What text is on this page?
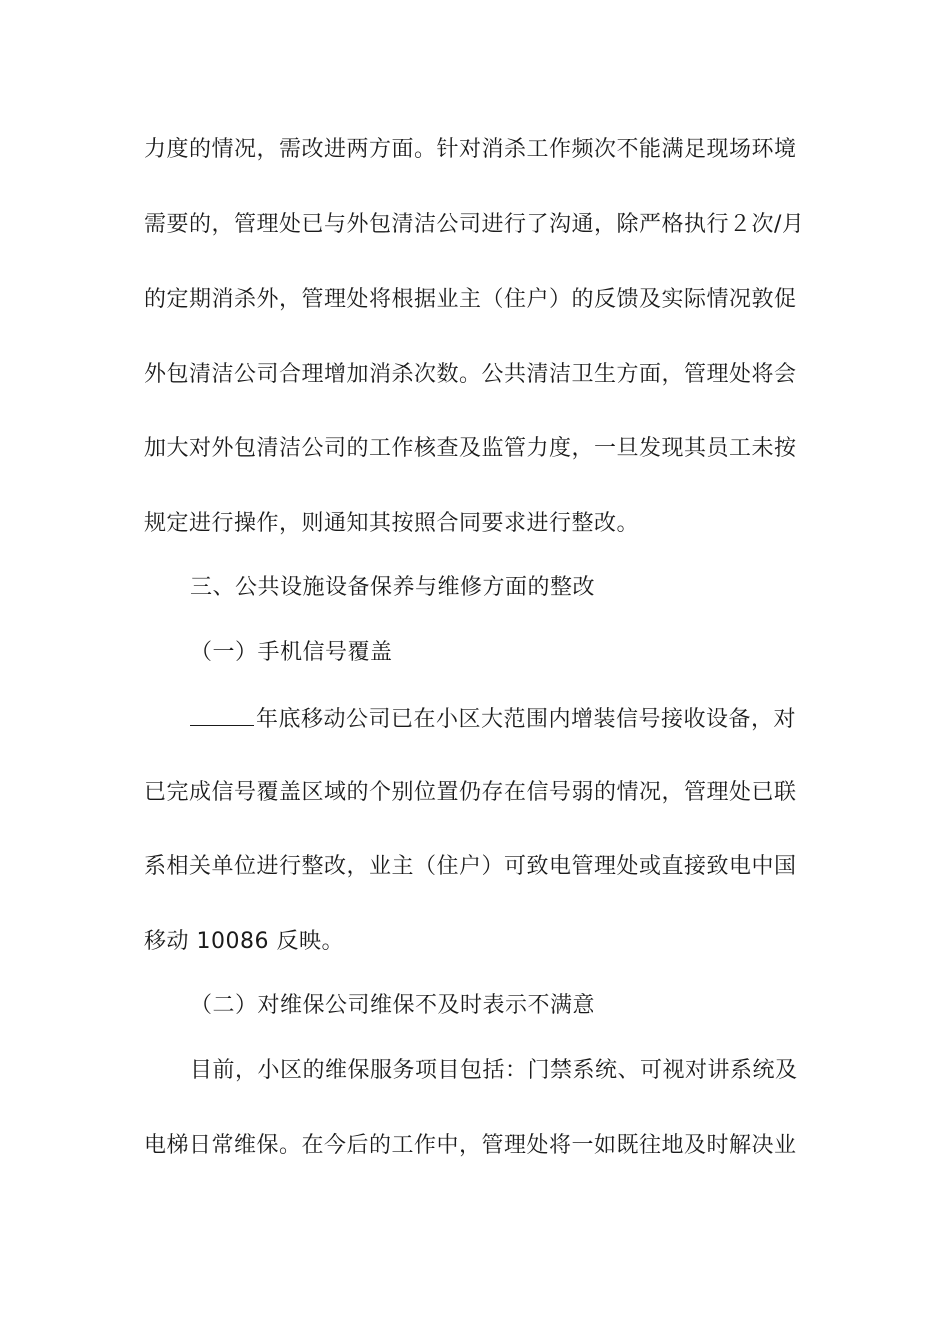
力度的情况，需改进两方面。针对消杀工作频次不能满足现场环境
需要的，管理处已与外包清洁公司进行了沟通，除严格执行２次/月
的定期消杀外，管理处将根据业主（住户）的反馈及实际情况敦促
外包清洁公司合理增加消杀次数。公共清洁卫生方面，管理处将会
加大对外包清洁公司的工作核查及监管力度，一旦发现其员工未按
规定进行操作，则通知其按照合同要求进行整改。
三、公共设施设备保养与维修方面的整改
（一）手机信号覆盖
年底移动公司已在小区大范围内增装信号接收设备，对
已完成信号覆盖区域的个别位置仍存在信号弱的情况，管理处已联
系相关单位进行整改，业主（住户）可致电管理处或直接致电中国
移动 10086 反映。
（二）对维保公司维保不及时表示不满意
目前，小区的维保服务项目包括：门禁系统、可视对讲系统及
电梯日常维保。在今后的工作中，管理处将一如既往地及时解决业
